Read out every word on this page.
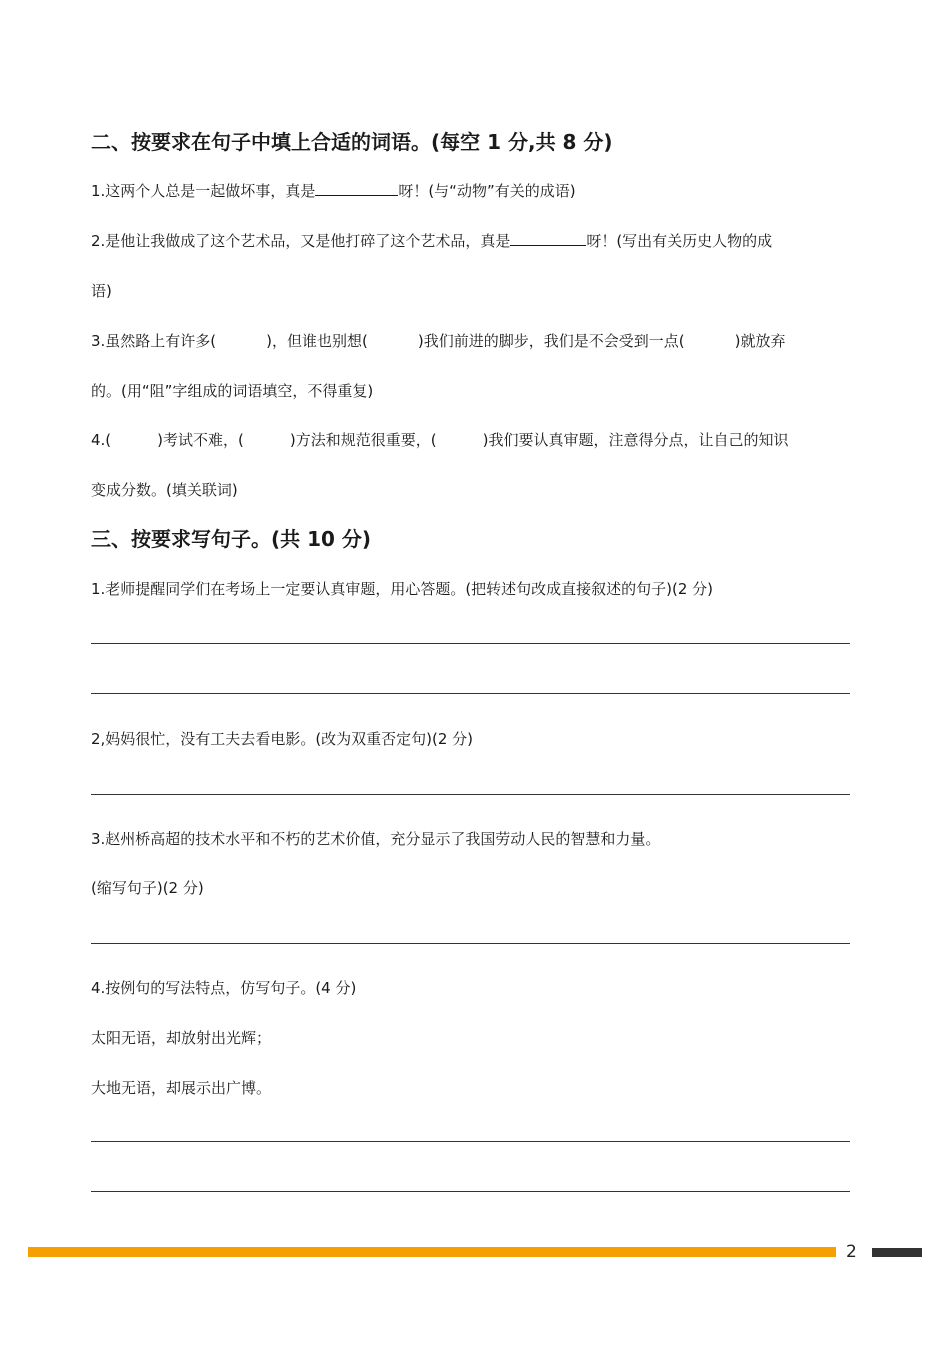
二、按要求在句子中填上合适的词语。(每空 1 分,共 8 分)

1.这两个人总是一起做坏事，真是	呀！(与“动物”有关的成语)

2.是他让我做成了这个艺术品，又是他打碎了这个艺术品，真是	呀！(写出有关历史人物的成

语)

3.虽然路上有许多(	)，但谁也别想(	)我们前进的脚步，我们是不会受到一点(	)就放弃

的。(用“阻”字组成的词语填空，不得重复)

4.(	)考试不难，(	)方法和规范很重要，(	)我们要认真审题，注意得分点，让自己的知识

变成分数。(填关联词)

三、按要求写句子。(共 10 分)

1.老师提醒同学们在考场上一定要认真审题，用心答题。(把转述句改成直接叙述的句子)(2 分)

2,妈妈很忙，没有工夫去看电影。(改为双重否定句)(2 分)

3.赵州桥高超的技术水平和不朽的艺术价值，充分显示了我国劳动人民的智慧和力量。

(缩写句子)(2 分)

4.按例句的写法特点，仿写句子。(4 分)

太阳无语，却放射出光辉；

大地无语，却展示出广博。

2
